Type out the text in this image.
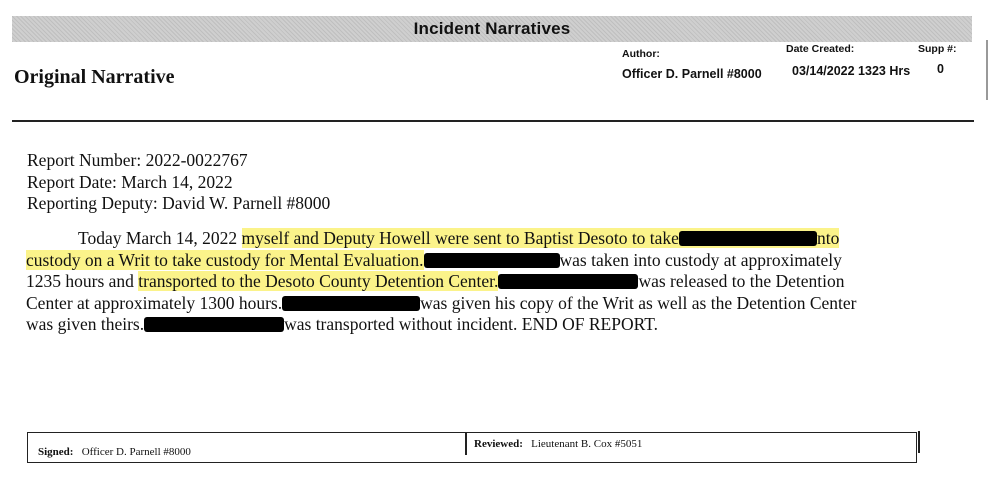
Incident Narratives
Original Narrative
Author:
Officer D. Parnell #8000
Date Created:
03/14/2022 1323 Hrs
Supp #:
0
Report Number: 2022-0022767
Report Date: March 14, 2022
Reporting Deputy: David W. Parnell #8000
Today March 14, 2022 myself and Deputy Howell were sent to Baptist Desoto to take	nto
custody on a Writ to take custody for Mental Evaluation.	was taken into custody at approximately
1235 hours and transported to the Desoto County Detention Center.	was released to the Detention
Center at approximately 1300 hours.	was given his copy of the Writ as well as the Detention Center
was given theirs.	was transported without incident. END OF REPORT.
Signed: Officer D. Parnell #8000
Reviewed: Lieutenant B. Cox #5051
